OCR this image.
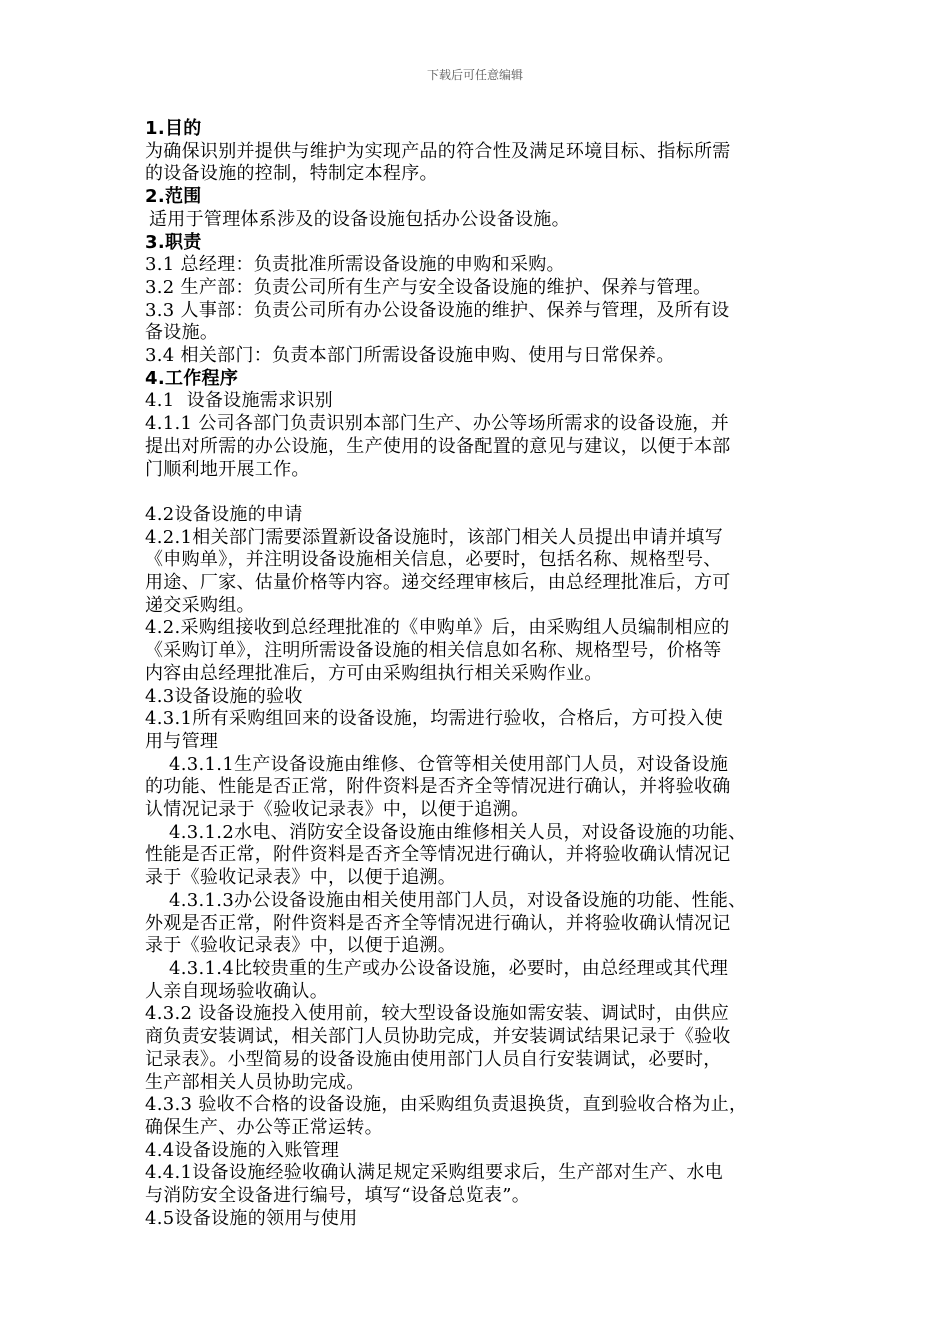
下载后可任意编辑
1.目的
为确保识别并提供与维护为实现产品的符合性及满足环境目标、指标所需
的设备设施的控制，特制定本程序。
2.范围
适用于管理体系涉及的设备设施包括办公设备设施。
3.职责
3.1 总经理：负责批准所需设备设施的申购和采购。
3.2 生产部：负责公司所有生产与安全设备设施的维护、保养与管理。
3.3 人事部：负责公司所有办公设备设施的维护、保养与管理，及所有设
备设施。
3.4 相关部门：负责本部门所需设备设施申购、使用与日常保养。
4.工作程序
4.1  设备设施需求识别
4.1.1 公司各部门负责识别本部门生产、办公等场所需求的设备设施，并
提出对所需的办公设施，生产使用的设备配置的意见与建议，以便于本部
门顺利地开展工作。
4.2设备设施的申请
4.2.1相关部门需要添置新设备设施时，该部门相关人员提出申请并填写
《申购单》，并注明设备设施相关信息，必要时，包括名称、规格型号、
用途、厂家、估量价格等内容。递交经理审核后，由总经理批准后，方可
递交采购组。
4.2.采购组接收到总经理批准的《申购单》后，由采购组人员编制相应的
《采购订单》，注明所需设备设施的相关信息如名称、规格型号，价格等
内容由总经理批准后，方可由采购组执行相关采购作业。
4.3设备设施的验收
4.3.1所有采购组回来的设备设施，均需进行验收，合格后，方可投入使
用与管理
4.3.1.1生产设备设施由维修、仓管等相关使用部门人员，对设备设施
的功能、性能是否正常，附件资料是否齐全等情况进行确认，并将验收确
认情况记录于《验收记录表》中，以便于追溯。
4.3.1.2水电、消防安全设备设施由维修相关人员，对设备设施的功能、
性能是否正常，附件资料是否齐全等情况进行确认，并将验收确认情况记
录于《验收记录表》中，以便于追溯。
4.3.1.3办公设备设施由相关使用部门人员，对设备设施的功能、性能、
外观是否正常，附件资料是否齐全等情况进行确认，并将验收确认情况记
录于《验收记录表》中，以便于追溯。
4.3.1.4比较贵重的生产或办公设备设施，必要时，由总经理或其代理
人亲自现场验收确认。
4.3.2 设备设施投入使用前，较大型设备设施如需安装、调试时，由供应
商负责安装调试，相关部门人员协助完成，并安装调试结果记录于《验收
记录表》。小型简易的设备设施由使用部门人员自行安装调试，必要时，
生产部相关人员协助完成。
4.3.3 验收不合格的设备设施，由采购组负责退换货，直到验收合格为止，
确保生产、办公等正常运转。
4.4设备设施的入账管理
4.4.1设备设施经验收确认满足规定采购组要求后，生产部对生产、水电
与消防安全设备进行编号，填写“设备总览表”。
4.5设备设施的领用与使用
